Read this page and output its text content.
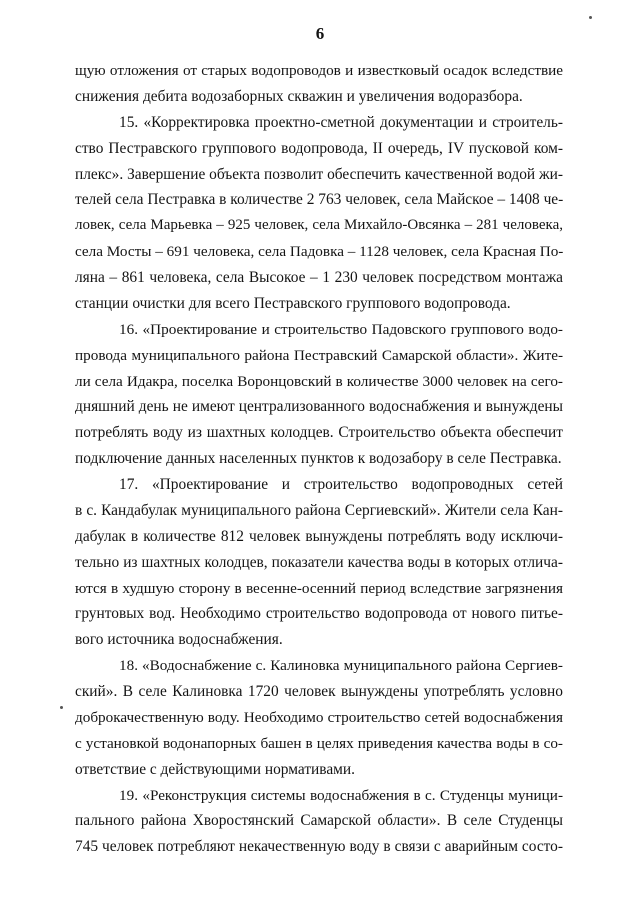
6
щую отложения от старых водопроводов и известковый осадок вследствие
снижения дебита водозаборных скважин и увеличения водоразбора.
15. «Корректировка проектно-сметной документации и строитель-
ство Пестравского группового водопровода, II очередь, IV пусковой ком-
плекс». Завершение объекта позволит обеспечить качественной водой жи-
телей села Пестравка в количестве 2 763 человек, села Майское – 1408 че-
ловек, села Марьевка – 925 человек, села Михайло-Овсянка – 281 человека,
села Мосты – 691 человека, села Падовка – 1128 человек, села Красная По-
ляна – 861 человека, села Высокое – 1 230 человек посредством монтажа
станции очистки для всего Пестравского группового водопровода.
16. «Проектирование и строительство Падовского группового водо-
провода муниципального района Пестравский Самарской области». Жите-
ли села Идакра, поселка Воронцовский в количестве 3000 человек на сего-
дняшний день не имеют централизованного водоснабжения и вынуждены
потреблять воду из шахтных колодцев. Строительство объекта обеспечит
подключение данных населенных пунктов к водозабору в селе Пестравка.
17. «Проектирование и строительство водопроводных сетей
в с. Кандабулак муниципального района Сергиевский». Жители села Кан-
дабулак в количестве 812 человек вынуждены потреблять воду исключи-
тельно из шахтных колодцев, показатели качества воды в которых отлича-
ются в худшую сторону в весенне-осенний период вследствие загрязнения
грунтовых вод. Необходимо строительство водопровода от нового питье-
вого источника водоснабжения.
18. «Водоснабжение с. Калиновка муниципального района Сергиев-
ский». В селе Калиновка 1720 человек вынуждены употреблять условно
доброкачественную воду. Необходимо строительство сетей водоснабжения
с установкой водонапорных башен в целях приведения качества воды в со-
ответствие с действующими нормативами.
19. «Реконструкция системы водоснабжения в с. Студенцы муници-
пального района Хворостянский Самарской области». В селе Студенцы
745 человек потребляют некачественную воду в связи с аварийным состо-
